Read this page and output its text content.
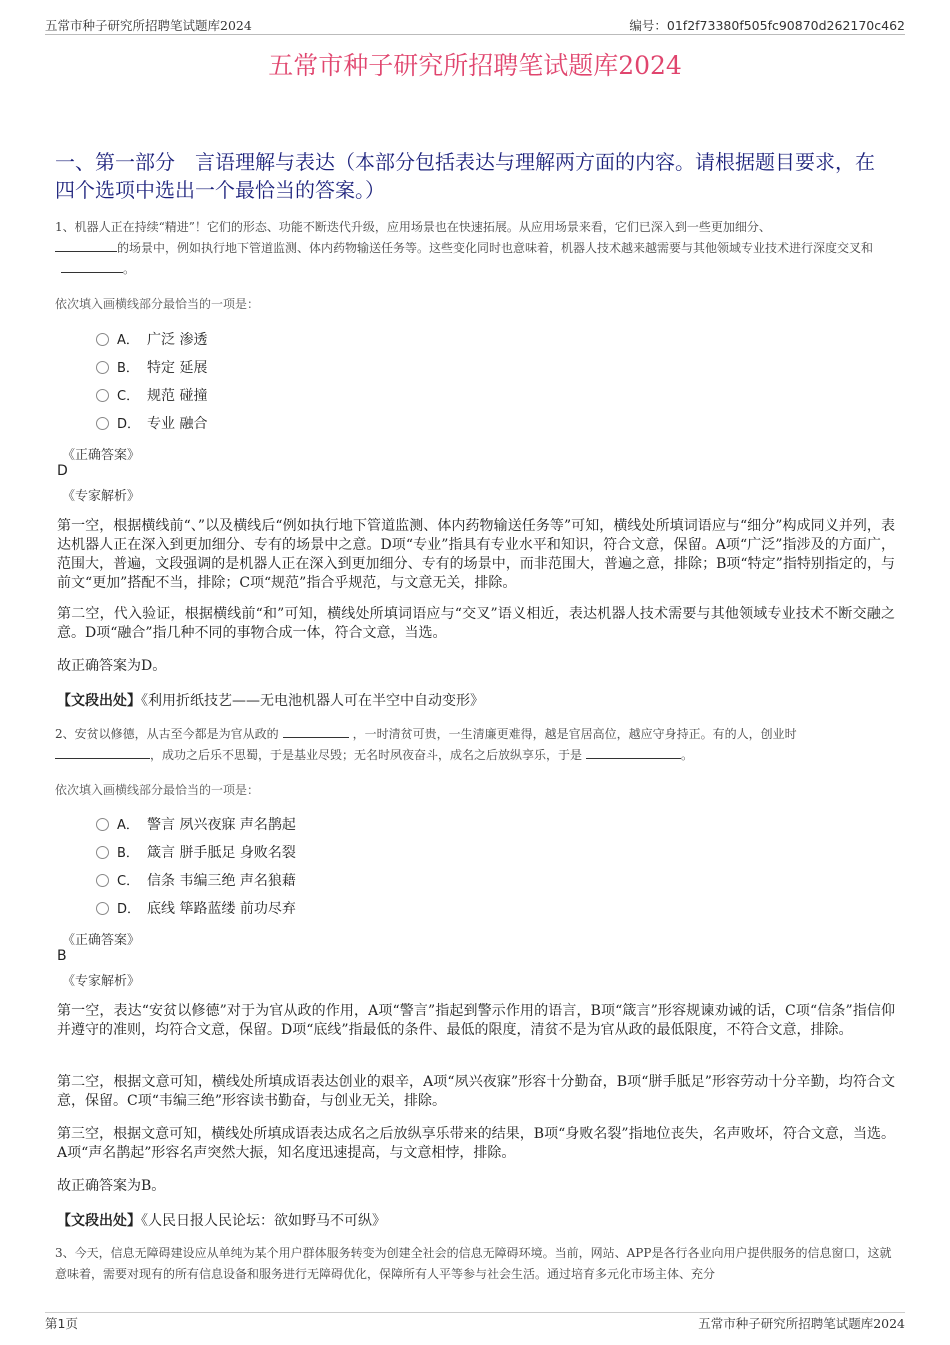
五常市种子研究所招聘笔试题库2024	编号：01f2f73380f505fc90870d262170c462
五常市种子研究所招聘笔试题库2024
一、第一部分　言语理解与表达（本部分包括表达与理解两方面的内容。请根据题目要求，在四个选项中选出一个最恰当的答案。）
1、机器人正在持续“精进”！它们的形态、功能不断迭代升级，应用场景也在快速拓展。从应用场景来看，它们已深入到一些更加细分、
的场景中，例如执行地下管道监测、体内药物输送任务等。这些变化同时也意味着，机器人技术越来越需要与其他领域专业技术进行深度交叉和。
依次填入画横线部分最恰当的一项是：
A． 广泛 渗透
B． 特定 延展
C． 规范 碰撞
D． 专业 融合
《正确答案》
D
《专家解析》
第一空，根据横线前“、”以及横线后“例如执行地下管道监测、体内药物输送任务等”可知，横线处所填词语应与“细分”构成同义并列，表达机器人正在深入到更加细分、专有的场景中之意。D项“专业”指具有专业水平和知识，符合文意，保留。A项“广泛”指涉及的方面广，范围大，普遍，文段强调的是机器人正在深入到更加细分、专有的场景中，而非范围大，普遍之意，排除；B项“特定”指特别指定的，与前文“更加”搭配不当，排除；C项“规范”指合乎规范，与文意无关，排除。
第二空，代入验证，根据横线前“和”可知，横线处所填词语应与“交叉”语义相近，表达机器人技术需要与其他领域专业技术不断交融之意。D项“融合”指几种不同的事物合成一体，符合文意，当选。
故正确答案为D。
【文段出处】《利用折纸技艺——无电池机器人可在半空中自动变形》
2、安贫以修德，从古至今都是为官从政的	，一时清贫可贵，一生清廉更难得，越是官居高位，越应守身持正。有的人，创业时
，成功之后乐不思蜀，于是基业尽毁；无名时夙夜奋斗，成名之后放纵享乐，于是	。
依次填入画横线部分最恰当的一项是：
A． 警言 夙兴夜寐 声名鹊起
B． 箴言 胼手胝足 身败名裂
C． 信条 韦编三绝 声名狼藉
D． 底线 筚路蓝缕 前功尽弃
《正确答案》
B
《专家解析》
第一空，表达“安贫以修德”对于为官从政的作用，A项“警言”指起到警示作用的语言，B项“箴言”形容规谏劝诫的话，C项“信条”指信仰并遵守的准则，均符合文意，保留。D项“底线”指最低的条件、最低的限度，清贫不是为官从政的最低限度，不符合文意，排除。
第二空，根据文意可知，横线处所填成语表达创业的艰辛，A项“夙兴夜寐”形容十分勤奋，B项“胼手胝足”形容劳动十分辛勤，均符合文意，保留。C项“韦编三绝”形容读书勤奋，与创业无关，排除。
第三空，根据文意可知，横线处所填成语表达成名之后放纵享乐带来的结果，B项“身败名裂”指地位丧失，名声败坏，符合文意，当选。A项“声名鹊起”形容名声突然大振，知名度迅速提高，与文意相悖，排除。
故正确答案为B。
【文段出处】《人民日报人民论坛：欲如野马不可纵》
3、今天，信息无障碍建设应从单纯为某个用户群体服务转变为创建全社会的信息无障碍环境。当前，网站、APP是各行各业向用户提供服务的信息窗口，这就意味着，需要对现有的所有信息设备和服务进行无障碍优化，保障所有人平等参与社会生活。通过培育多元化市场主体、充分
第1页	五常市种子研究所招聘笔试题库2024
